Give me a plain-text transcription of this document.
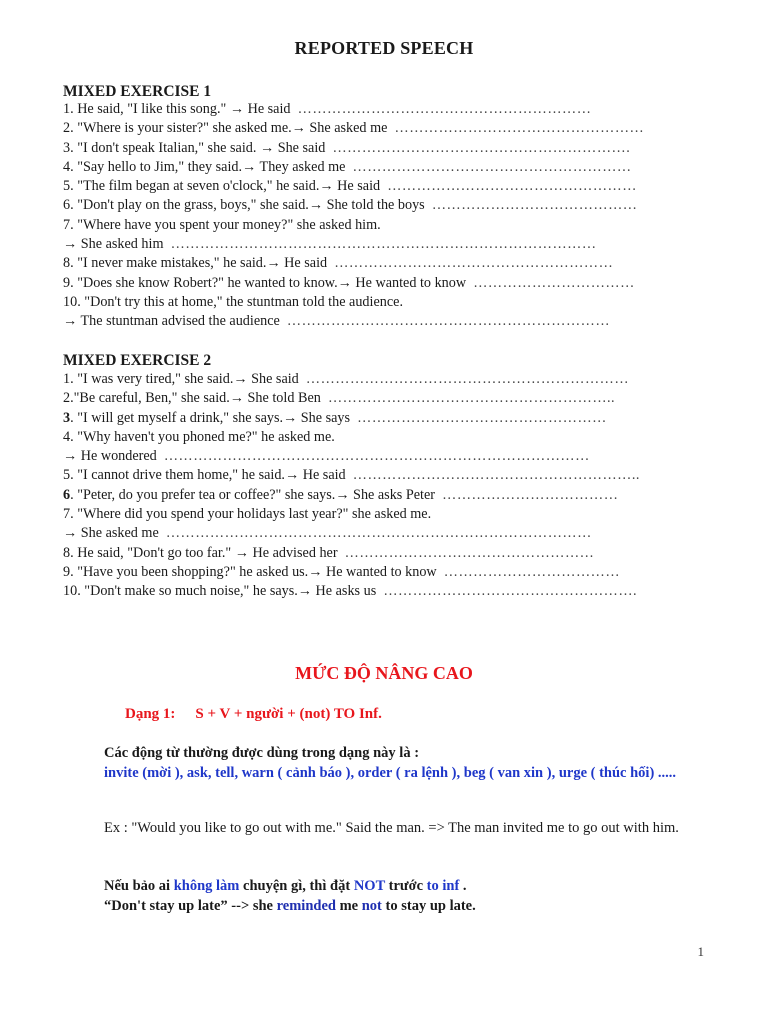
REPORTED SPEECH
MIXED EXERCISE 1
1. He said, "I like this song." → He said ……………………………………………………
2. "Where is your sister?" she asked me.→ She asked me ……………………………………………
3. "I don't speak Italian," she said. → She said …………………………………………………….
4. "Say hello to Jim," they said.→ They asked me …………………………………………………
5. "The film began at seven o'clock," he said.→ He said ……………………………………………
6. "Don't play on the grass, boys," she said.→ She told the boys ……………………………………
7. "Where have you spent your money?" she asked him.
→ She asked him ……………………………………………………………………………
8. "I never make mistakes," he said.→ He said …………………………………………………
9. "Does she know Robert?" he wanted to know.→ He wanted to know ……………………………
10. "Don't try this at home," the stuntman told the audience.
→ The stuntman advised the audience …………………………………………………………
MIXED EXERCISE 2
1. "I was very tired," she said.→ She said …………………………………………………………
2."Be careful, Ben," she said.→ She told Ben …………………………………………………..
3. "I will get myself a drink," she says.→ She says ……………………………………………
4. "Why haven't you phoned me?" he asked me.
→ He wondered ……………………………………………………………………………
5. "I cannot drive them home," he said.→ He said …………………………………………………..
6. "Peter, do you prefer tea or coffee?" she says.→ She asks Peter ………………………………
7. "Where did you spend your holidays last year?" she asked me.
→ She asked me ……………………………………………………………………………
8. He said, "Don't go too far." → He advised her ……………………………………………
9. "Have you been shopping?" he asked us.→ He wanted to know ………………………………
10. "Don't make so much noise," he says.→ He asks us …………………………………………….
MỨC ĐỘ NÂNG CAO
Dạng 1: S + V + người + (not) TO Inf.
Các động từ thường được dùng trong dạng này là :
invite (mời ), ask, tell, warn ( cảnh báo ), order ( ra lệnh ), beg ( van xin ), urge ( thúc hối) .....
Ex : "Would you like to go out with me." Said the man. => The man invited me to go out with him.
Nếu bảo ai không làm chuyện gì, thì đặt NOT trước to inf .
“Don't stay up late” --> she reminded me not to stay up late.
1
